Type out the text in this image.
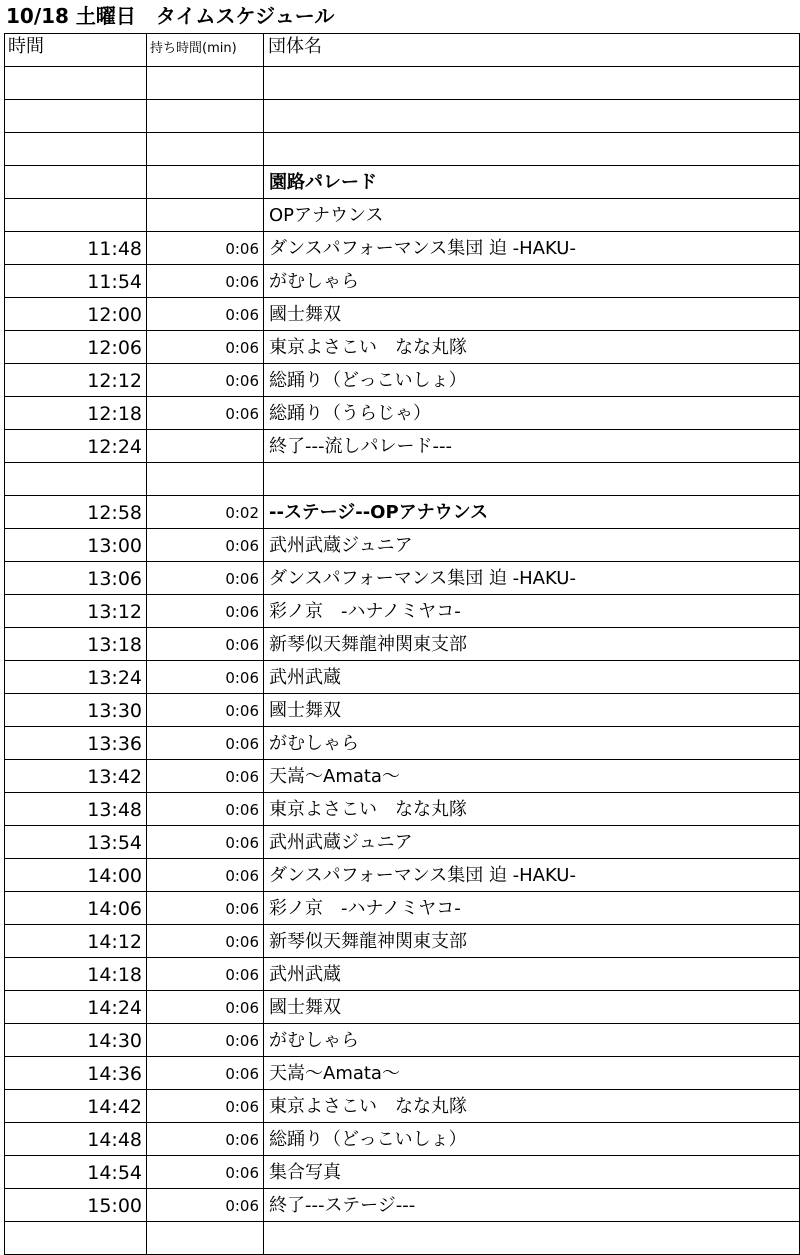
10/18 土曜日　タイムスケジュール
時間	持ち時間(min)	団体名

		園路パレード
		OPアナウンス
11:48	0:06	ダンスパフォーマンス集団 迫 -HAKU-
11:54	0:06	がむしゃら
12:00	0:06	國士舞双
12:06	0:06	東京よさこい　なな丸隊
12:12	0:06	総踊り（どっこいしょ）
12:18	0:06	総踊り（うらじゃ）
12:24		終了---流しパレード---

12:58	0:02	--ステージ--OPアナウンス
13:00	0:06	武州武蔵ジュニア
13:06	0:06	ダンスパフォーマンス集団 迫 -HAKU-
13:12	0:06	彩ノ京　-ハナノミヤコ-
13:18	0:06	新琴似天舞龍神関東支部
13:24	0:06	武州武蔵
13:30	0:06	國士舞双
13:36	0:06	がむしゃら
13:42	0:06	天嵩～Amata～
13:48	0:06	東京よさこい　なな丸隊
13:54	0:06	武州武蔵ジュニア
14:00	0:06	ダンスパフォーマンス集団 迫 -HAKU-
14:06	0:06	彩ノ京　-ハナノミヤコ-
14:12	0:06	新琴似天舞龍神関東支部
14:18	0:06	武州武蔵
14:24	0:06	國士舞双
14:30	0:06	がむしゃら
14:36	0:06	天嵩～Amata～
14:42	0:06	東京よさこい　なな丸隊
14:48	0:06	総踊り（どっこいしょ）
14:54	0:06	集合写真
15:00	0:06	終了---ステージ---
